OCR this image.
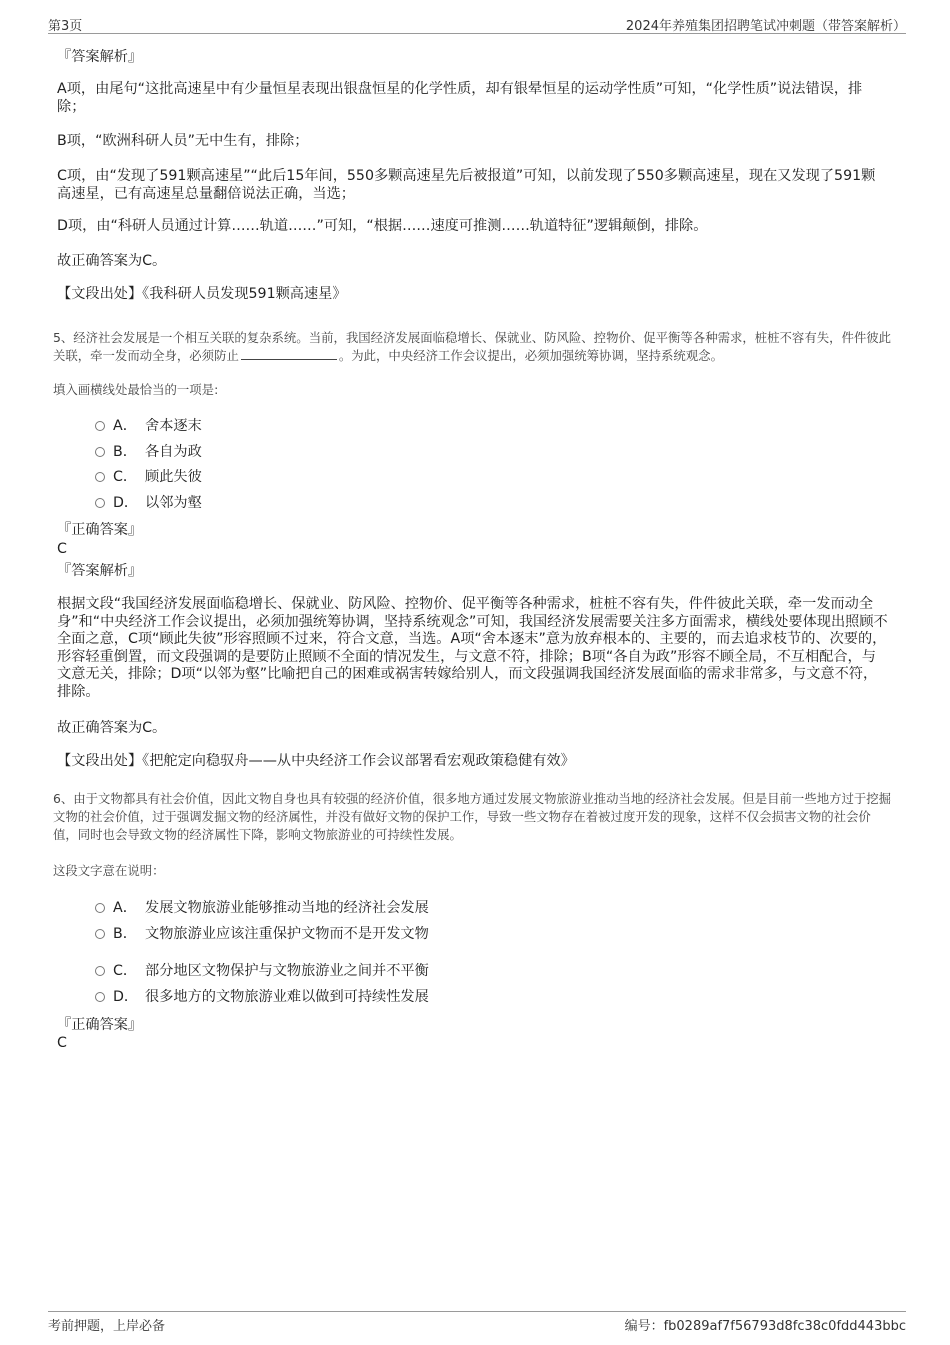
第3页	2024年养殖集团招聘笔试冲刺题（带答案解析）
『答案解析』
A项，由尾句“这批高速星中有少量恒星表现出银盘恒星的化学性质，却有银晕恒星的运动学性质”可知，“化学性质”说法错误，排除；
B项，“欧洲科研人员”无中生有，排除；
C项，由“发现了591颗高速星”“此后15年间，550多颗高速星先后被报道”可知，以前发现了550多颗高速星，现在又发现了591颗高速星，已有高速星总量翻倍说法正确，当选；
D项，由“科研人员通过计算……轨道……”可知，“根据……速度可推测……轨道特征”逻辑颠倒，排除。
故正确答案为C。
【文段出处】《我科研人员发现591颗高速星》
5、经济社会发展是一个相互关联的复杂系统。当前，我国经济发展面临稳增长、保就业、防风险、控物价、促平衡等各种需求，桩桩不容有失，件件彼此关联，牵一发而动全身，必须防止	。为此，中央经济工作会议提出，必须加强统筹协调，坚持系统观念。
填入画横线处最恰当的一项是:
A． 舍本逐末
B． 各自为政
C． 顾此失彼
D． 以邻为壑
『正确答案』
C
『答案解析』
根据文段“我国经济发展面临稳增长、保就业、防风险、控物价、促平衡等各种需求，桩桩不容有失，件件彼此关联，牵一发而动全身”和“中央经济工作会议提出，必须加强统筹协调，坚持系统观念”可知，我国经济发展需要关注多方面需求，横线处要体现出照顾不全面之意，C项“顾此失彼”形容照顾不过来，符合文意，当选。A项“舍本逐末”意为放弃根本的、主要的，而去追求枝节的、次要的，形容轻重倒置，而文段强调的是要防止照顾不全面的情况发生，与文意不符，排除；B项“各自为政”形容不顾全局，不互相配合，与文意无关，排除；D项“以邻为壑”比喻把自己的困难或祸害转嫁给别人，而文段强调我国经济发展面临的需求非常多，与文意不符，排除。
故正确答案为C。
【文段出处】《把舵定向稳驭舟——从中央经济工作会议部署看宏观政策稳健有效》
6、由于文物都具有社会价值，因此文物自身也具有较强的经济价值，很多地方通过发展文物旅游业推动当地的经济社会发展。但是目前一些地方过于挖掘文物的社会价值，过于强调发掘文物的经济属性，并没有做好文物的保护工作，导致一些文物存在着被过度开发的现象，这样不仅会损害文物的社会价值，同时也会导致文物的经济属性下降，影响文物旅游业的可持续性发展。
这段文字意在说明：
A． 发展文物旅游业能够推动当地的经济社会发展
B． 文物旅游业应该注重保护文物而不是开发文物
C． 部分地区文物保护与文物旅游业之间并不平衡
D． 很多地方的文物旅游业难以做到可持续性发展
『正确答案』
C
考前押题，上岸必备	编号：fb0289af7f56793d8fc38c0fdd443bbc
